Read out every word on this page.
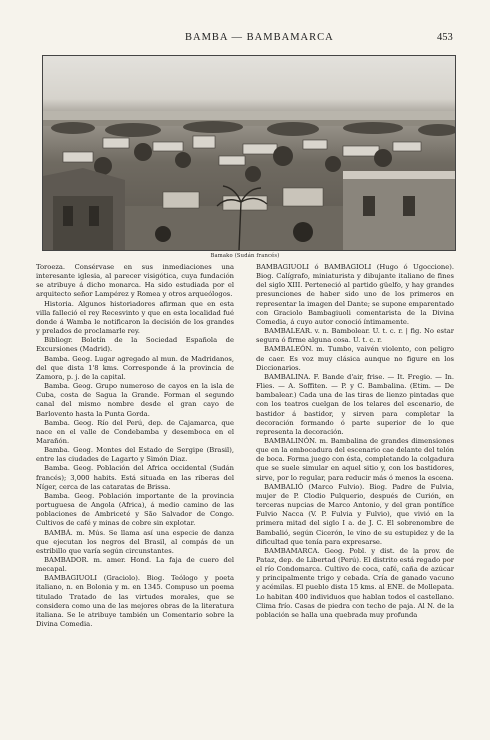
BAMBA — BAMBAMARCA	453
Bamako (Sudán francés)

Toroeza. Consérvase en sus inmediaciones una interesante iglesia, al parecer visigótica, cuya fundación se atribuye á dicho monarca. Ha sido estudiada por el arquitecto señor Lampérez y Romea y otros arqueólogos.

Historia. Algunos historiadores afirman que en esta villa falleció el rey Recesvinto y que en esta localidad fué donde á Wamba le notificaron la decisión de los grandes y prelados de proclamarle rey.

Bibliogr. Boletín de la Sociedad Española de Excursiones (Madrid).

Bamba. Geog. Lugar agregado al mun. de Madridanos, del que dista 1'8 kms. Corresponde á la provincia de Zamora, p. j. de la capital.

Bamba. Geog. Grupo numeroso de cayos en la isla de Cuba, costa de Sagua la Grande. Forman el segundo canal del mismo nombre desde el gran cayo de Barlovento hasta la Punta Gorda.

Bamba. Geog. Río del Perú, dep. de Cajamarca, que nace en el valle de Condebamba y desemboca en el Marañón.

Bamba. Geog. Montes del Estado de Sergipe (Brasil), entre las ciudades de Lagarto y Simón Diaz.

Bamba. Geog. Población del Africa occidental (Sudán francés); 3,000 habits. Está situada en las riberas del Níger, cerca de las cataratas de Brissa.

Bamba. Geog. Población importante de la provincia portuguesa de Angola (Africa), á medio camino de las poblaciones de Ambriceté y São Salvador de Congo. Cultivos de café y minas de cobre sin explotar.

BAMBÁ. m. Mús. Se llama así una especie de danza que ejecutan los negros del Brasil, al compás de un estribillo que varía según circunstantes.

BAMBADOR. m. amer. Hond. La faja de cuero del mecapal.

BAMBAGIUOLI (Graciolo). Biog. Teólogo y poeta italiano, n. en Bolonia y m. en 1345. Compuso un poema titulado Tratado de las virtudes morales, que se considera como una de las mejores obras de la literatura italiana. Se le atribuye también un Comentario sobre la Divina Comedia.

BAMBAGIUOLI ó BAMBAGIOLI (Hugo ó Ugoccione). Biog. Calígrafo, miniaturista y dibujante italiano de fines del siglo XIII. Perteneció al partido güelfo, y hay grandes presunciones de haber sido uno de los primeros en representar la imagen del Dante; se supone emparentado con Graciolo Bambagiuoli comentarista de la Divina Comedia, á cuyo autor conoció íntimamente.

BAMBALEAR. v. n. Bambolear. U. t. c. r. | fig. No estar segura ó firme alguna cosa. U. t. c. r.

BAMBALEÓN. m. Tumbo, vaivén violento, con peligro de caer. Es voz muy clásica aunque no figure en los Diccionarios.

BAMBALINA. F. Bande d'air, frise. — It. Fregio. — In. Flies. — A. Soffiten. — P. y C. Bambalina. (Etim. — De bambalear.) Cada una de las tiras de lienzo pintadas que con los teatros cuelgan de los telares del escenario, de bastidor á bastidor, y sirven para completar la decoración formando ó parte superior de lo que representa la decoración.

BAMBALINÓN. m. Bambalina de grandes dimensiones que en la embocadura del escenario cae delante del telón de boca. Forma juego con ésta, completando la colgadura que se suele simular en aquel sitio y, con los bastidores, sirve, por lo regular, para reducir más ó menos la escena.

BAMBALIÓ (Marco Fulvio). Biog. Padre de Fulvia, mujer de P. Clodio Pulquerio, después de Curión, en terceras nupcias de Marco Antonio, y del gran pontífice Fulvio Nacca (V. P. Fulvia y Fulvio), que vivió en la primera mitad del siglo I a. de J. C. El sobrenombre de Bambalió, según Cicerón, le vino de su estupidez y de la dificultad que tenía para expresarse.

BAMBAMARCA. Geog. Pobl. y dist. de la prov. de Pataz, dep. de Libertad (Perú). El distrito está regado por el río Condomarca. Cultivo de coca, café, caña de azúcar y principalmente trigo y cebada. Cría de ganado vacuno y acémilas. El pueblo dista 15 kms. al ENE. de Mollepata. Lo habitan 400 individuos que hablan todos el castellano. Clima frío. Casas de piedra con techo de paja. Al N. de la población se halla una quebrada muy profunda
